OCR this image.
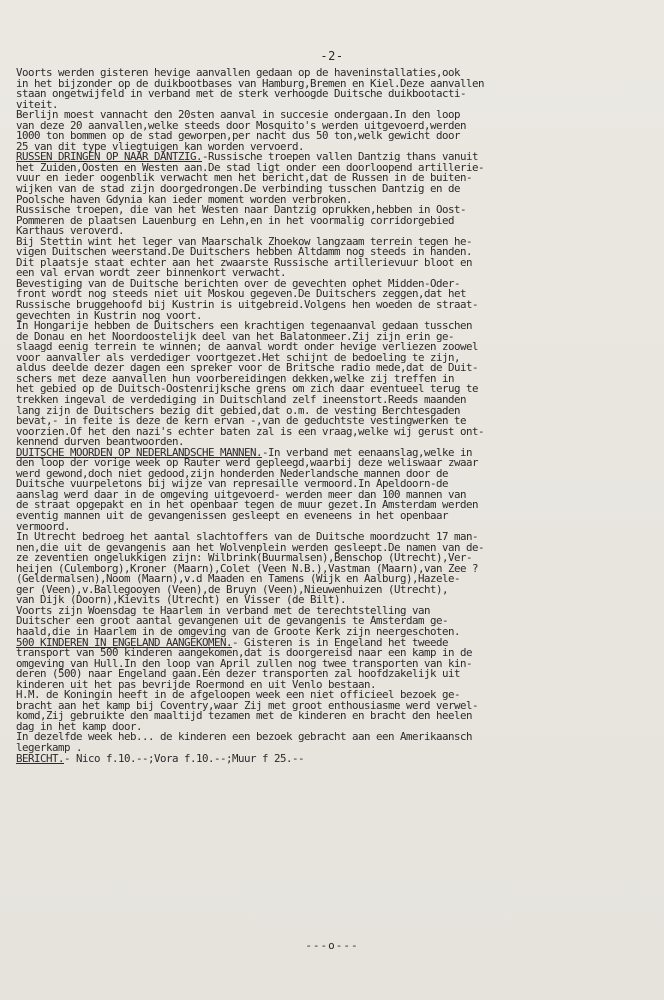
-2-
Voorts werden gisteren hevige aanvallen gedaan op de haveninstallaties,ook
in het bijzonder op de duikbootbases van Hamburg,Bremen en Kiel.Deze aanvallen
staan ongetwijfeld in verband met de sterk verhoogde Duitsche duikbootacti-
viteit.
Berlijn moest vannacht den 20sten aanval in succesie ondergaan.In den loop
van deze 20 aanvallen,welke steeds door Mosquito's werden uitgevoerd,werden
1000 ton bommen op de stad geworpen,per nacht dus 50 ton,welk gewicht door
25 van dit type vliegtuigen kan worden vervoerd.
RUSSEN DRINGEN OP NAAR DANTZIG.-Russische troepen vallen Dantzig thans vanuit
het Zuiden,Oosten en Westen aan.De stad ligt onder een doorloopend artillerie-
vuur en ieder oogenblik verwacht men het bericht,dat de Russen in de buiten-
wijken van de stad zijn doorgedrongen.De verbinding tusschen Dantzig en de
Poolsche haven Gdynia kan ieder moment worden verbroken.
Russische troepen, die van het Westen naar Dantzig oprukken,hebben in Oost-
Pommeren de plaatsen Lauenburg en Lehn,en in het voormalig corridorgebied
Karthaus veroverd.
Bij Stettin wint het leger van Maarschalk Zhoekow langzaam terrein tegen he-
vigen Duitschen weerstand.De Duitschers hebben Altdamm nog steeds in handen.
Dit plaatsje staat echter aan het zwaarste Russische artillerievuur bloot en
een val ervan wordt zeer binnenkort verwacht.
Bevestiging van de Duitsche berichten over de gevechten ophet Midden-Oder-
front wordt nog steeds niet uit Moskou gegeven.De Duitschers zeggen,dat het
Russische bruggehoofd bij Kustrin is uitgebreid.Volgens hen woeden de straat-
gevechten in Kustrin nog voort.
In Hongarije hebben de Duitschers een krachtigen tegenaanval gedaan tusschen
de Donau en het Noordoostelijk deel van het Balatonmeer.Zij zijn erin ge-
slaagd eenig terrein te winnen; de aanval wordt onder hevige verliezen zoowel
voor aanvaller als verdediger voortgezet.Het schijnt de bedoeling te zijn,
aldus deelde dezer dagen een spreker voor de Britsche radio mede,dat de Duit-
schers met deze aanvallen hun voorbereidingen dekken,welke zij treffen in
het gebied op de Duitsch-Oostenrijksche grens om zich daar eventueel terug te
trekken ingeval de verdediging in Duitschland zelf ineenstort.Reeds maanden
lang zijn de Duitschers bezig dit gebied,dat o.m. de vesting Berchtesgaden
bevat,- in feite is deze de kern ervan -,van de geduchtste vestingwerken te
voorzien.Of het den nazi's echter baten zal is een vraag,welke wij gerust ont-
kennend durven beantwoorden.
DUITSCHE MOORDEN OP NEDERLANDSCHE MANNEN.-In verband met eenaanslag,welke in
den loop der vorige week op Rauter werd gepleegd,waarbij deze weliswaar zwaar
werd gewond,doch niet gedood,zijn honderden Nederlandsche mannen door de
Duitsche vuurpeletons bij wijze van represaille vermoord.In Apeldoorn-de
aanslag werd daar in de omgeving uitgevoerd- werden meer dan 100 mannen van
de straat opgepakt en in het openbaar tegen de muur gezet.In Amsterdam werden
eventig mannen uit de gevangenissen gesleept en eveneens in het openbaar
vermoord.
In Utrecht bedroeg het aantal slachtoffers van de Duitsche moordzucht 17 man-
nen,die uit de gevangenis aan het Wolvenplein werden gesleept.De namen van de-
ze zeventien ongelukkigen zijn: Wilbrink(Buurmalsen),Benschop (Utrecht),Ver-
heijen (Culemborg),Kroner (Maarn),Colet (Veen N.B.),Vastman (Maarn),van Zee ?
(Geldermalsen),Noom (Maarn),v.d Maaden en Tamens (Wijk en Aalburg),Hazele-
ger (Veen),v.Ballegooyen (Veen),de Bruyn (Veen),Nieuwenhuizen (Utrecht),
van Dijk (Doorn),Kievits (Utrecht) en Visser (de Bilt).
Voorts zijn Woensdag te Haarlem in verband met de terechtstelling van
Duitscher een groot aantal gevangenen uit de gevangenis te Amsterdam ge-
haald,die in Haarlem in de omgeving van de Groote Kerk zijn neergeschoten.
500 KINDEREN IN ENGELAND AANGEKOMEN.- Gisteren is in Engeland het tweede
transport van 500 kinderen aangekomen,dat is doorgereisd naar een kamp in de
omgeving van Hull.In den loop van April zullen nog twee transporten van kin-
deren (500) naar Engeland gaan.Eén dezer transporten zal hoofdzakelijk uit
kinderen uit het pas bevrijde Roermond en uit Venlo bestaan.
H.M. de Koningin heeft in de afgeloopen week een niet officieel bezoek ge-
bracht aan het kamp bij Coventry,waar Zij met groot enthousiasme werd verwel-
komd,Zij gebruikte den maaltijd tezamen met de kinderen en bracht den heelen
dag in het kamp door.
In dezelfde week heb... de kinderen een bezoek gebracht aan een Amerikaansch
legerkamp .
BERICHT.- Nico f.10.--;Vora f.10.--;Muur f 25.--
---o---
